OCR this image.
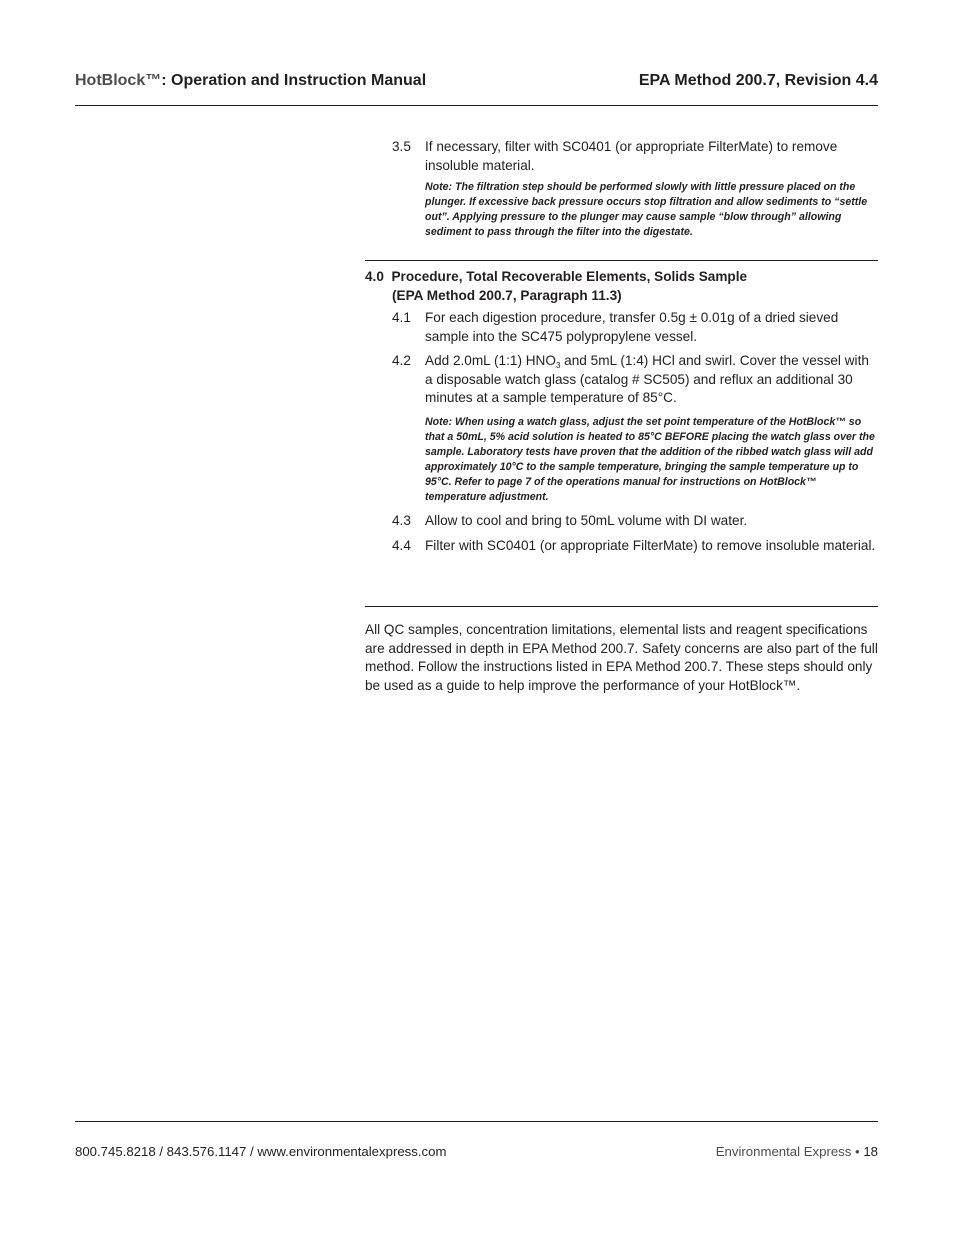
HotBlock™: Operation and Instruction Manual	EPA Method 200.7, Revision 4.4
3.5 If necessary, filter with SC0401 (or appropriate FilterMate) to remove insoluble material.
Note: The filtration step should be performed slowly with little pressure placed on the plunger. If excessive back pressure occurs stop filtration and allow sediments to “settle out”. Applying pressure to the plunger may cause sample “blow through” allowing sediment to pass through the filter into the digestate.
4.0 Procedure, Total Recoverable Elements, Solids Sample
(EPA Method 200.7, Paragraph 11.3)
4.1 For each digestion procedure, transfer 0.5g ± 0.01g of a dried sieved sample into the SC475 polypropylene vessel.
4.2 Add 2.0mL (1:1) $HNO_3$ and 5mL (1:4) HCl and swirl. Cover the vessel with a disposable watch glass (catalog # SC505) and reflux an additional 30 minutes at a sample temperature of 85°C.
Note: When using a watch glass, adjust the set point temperature of the HotBlock™ so that a 50mL, 5% acid solution is heated to 85°C BEFORE placing the watch glass over the sample. Laboratory tests have proven that the addition of the ribbed watch glass will add approximately 10°C to the sample temperature, bringing the sample temperature up to 95°C. Refer to page 7 of the operations manual for instructions on HotBlock™ temperature adjustment.
4.3 Allow to cool and bring to 50mL volume with DI water.
4.4 Filter with SC0401 (or appropriate FilterMate) to remove insoluble material.
All QC samples, concentration limitations, elemental lists and reagent specifications are addressed in depth in EPA Method 200.7. Safety concerns are also part of the full method. Follow the instructions listed in EPA Method 200.7. These steps should only be used as a guide to help improve the performance of your HotBlock™.
800.745.8218 / 843.576.1147 / www.environmentalexpress.com	Environmental Express • 18
